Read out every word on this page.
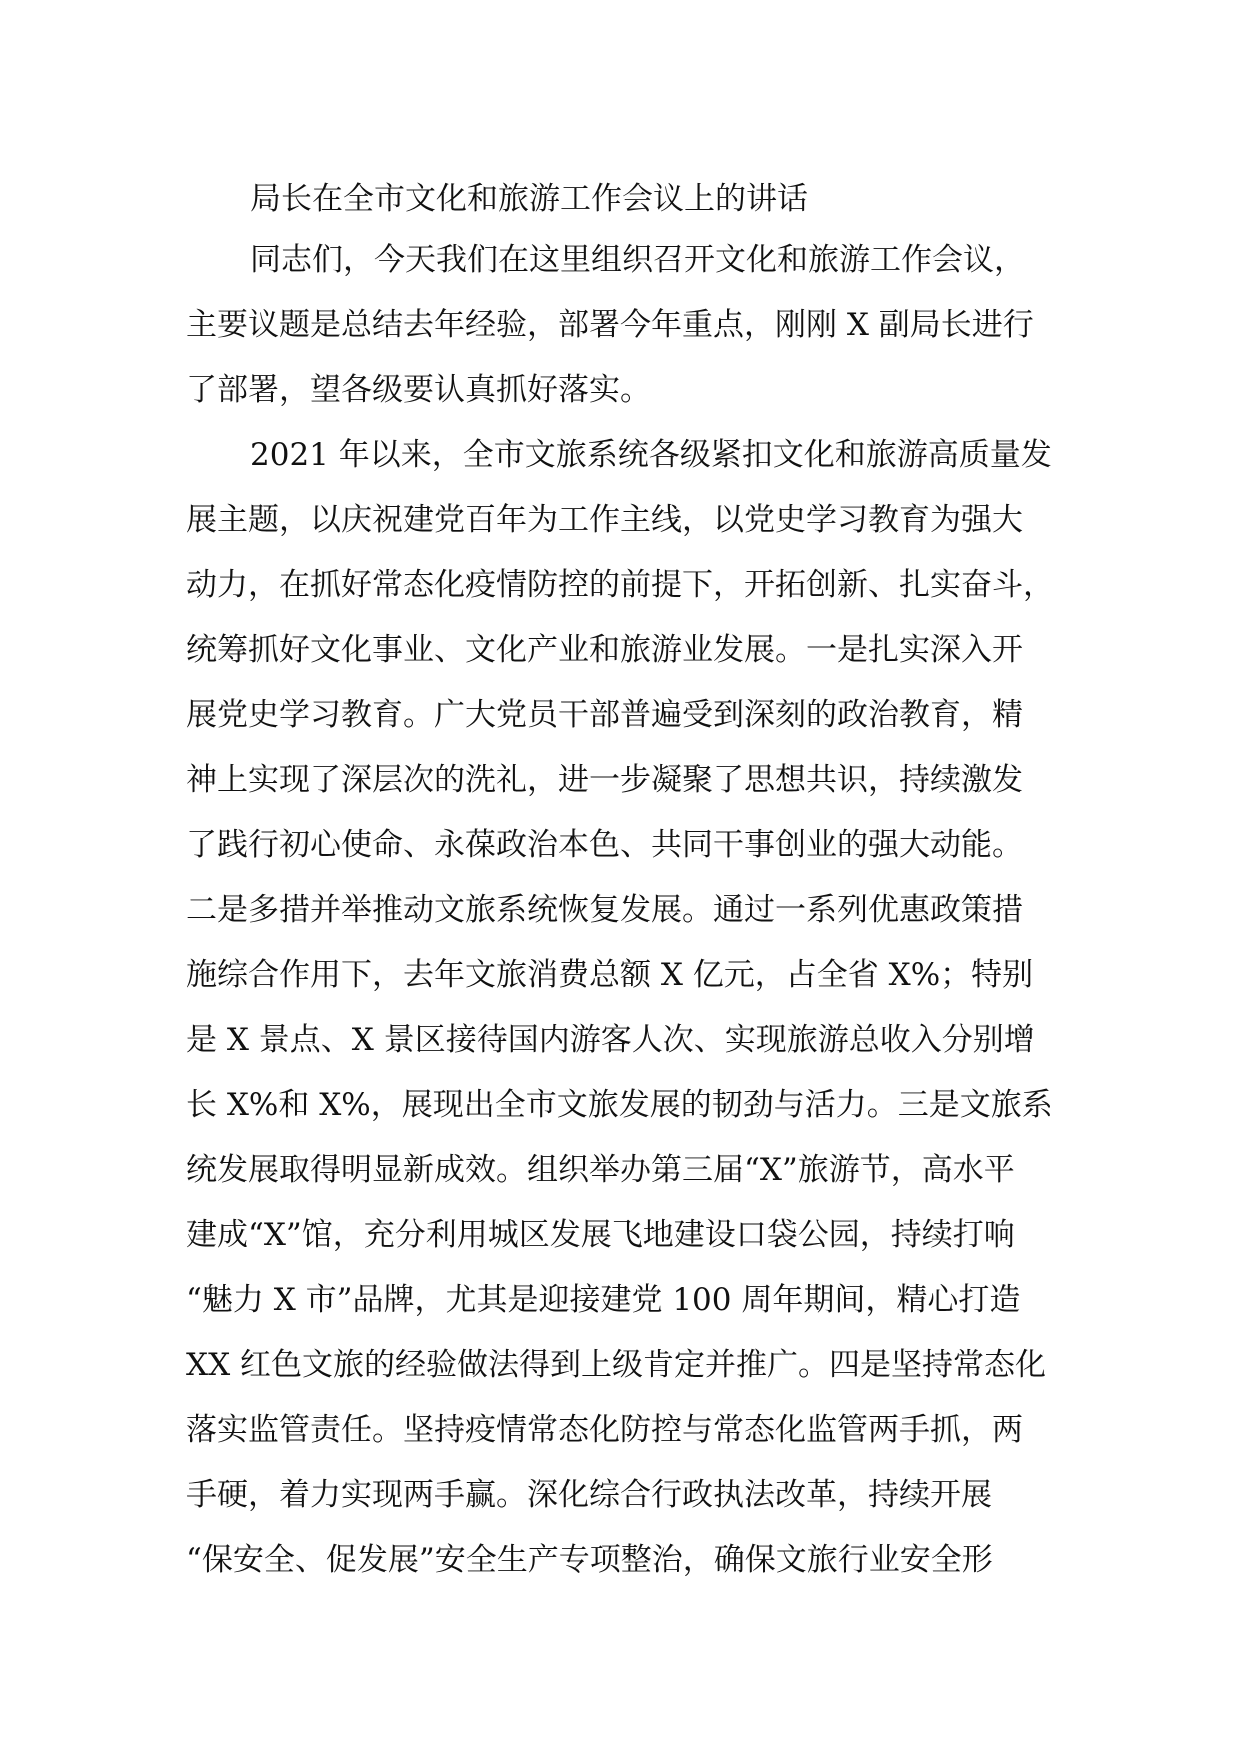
局长在全市文化和旅游工作会议上的讲话
同志们，今天我们在这里组织召开文化和旅游工作会议，
主要议题是总结去年经验，部署今年重点，刚刚 X 副局长进行
了部署，望各级要认真抓好落实。
2021 年以来，全市文旅系统各级紧扣文化和旅游高质量发
展主题，以庆祝建党百年为工作主线，以党史学习教育为强大
动力，在抓好常态化疫情防控的前提下，开拓创新、扎实奋斗，
统筹抓好文化事业、文化产业和旅游业发展。一是扎实深入开
展党史学习教育。广大党员干部普遍受到深刻的政治教育，精
神上实现了深层次的洗礼，进一步凝聚了思想共识，持续激发
了践行初心使命、永葆政治本色、共同干事创业的强大动能。
二是多措并举推动文旅系统恢复发展。通过一系列优惠政策措
施综合作用下，去年文旅消费总额 X 亿元，占全省 X%；特别
是 X 景点、X 景区接待国内游客人次、实现旅游总收入分别增
长 X%和 X%，展现出全市文旅发展的韧劲与活力。三是文旅系
统发展取得明显新成效。组织举办第三届“X”旅游节，高水平
建成“X”馆，充分利用城区发展飞地建设口袋公园，持续打响
“魅力 X 市”品牌，尤其是迎接建党 100 周年期间，精心打造
XX 红色文旅的经验做法得到上级肯定并推广。四是坚持常态化
落实监管责任。坚持疫情常态化防控与常态化监管两手抓，两
手硬，着力实现两手赢。深化综合行政执法改革，持续开展
“保安全、促发展”安全生产专项整治，确保文旅行业安全形
